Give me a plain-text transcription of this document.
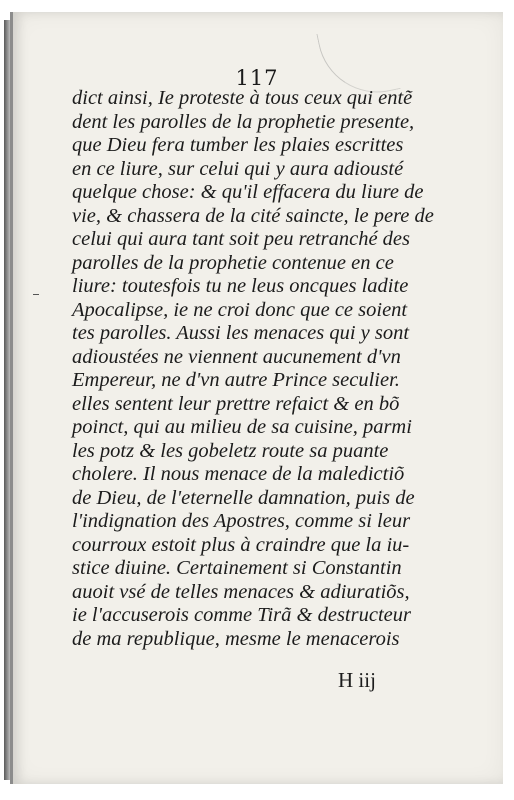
117
dict ainsi, Ie proteste à tous ceux qui entẽ
dent les parolles de la prophetie presente,
que Dieu fera tumber les plaies escrittes
en ce liure, sur celui qui y aura adiousté
quelque chose: & qu'il effacera du liure de
vie, & chassera de la cité saincte, le pere de
celui qui aura tant soit peu retranché des
parolles de la prophetie contenue en ce
liure: toutesfois tu ne leus oncques ladite
Apocalipse, ie ne croi donc que ce soient
tes parolles. Aussi les menaces qui y sont
adioustées ne viennent aucunement d'vn
Empereur, ne d'vn autre Prince seculier.
elles sentent leur prettre refaict & en bõ
poinct, qui au milieu de sa cuisine, parmi
les potz & les gobeletz route sa puante
cholere. Il nous menace de la maledictiõ
de Dieu, de l'eternelle damnation, puis de
l'indignation des Apostres, comme si leur
courroux estoit plus à craindre que la iu-
stice diuine. Certainement si Constantin
auoit vsé de telles menaces & adiuratiõs,
ie l'accuserois comme Tirã & destructeur
de ma republique, mesme le menacerois
H iij
